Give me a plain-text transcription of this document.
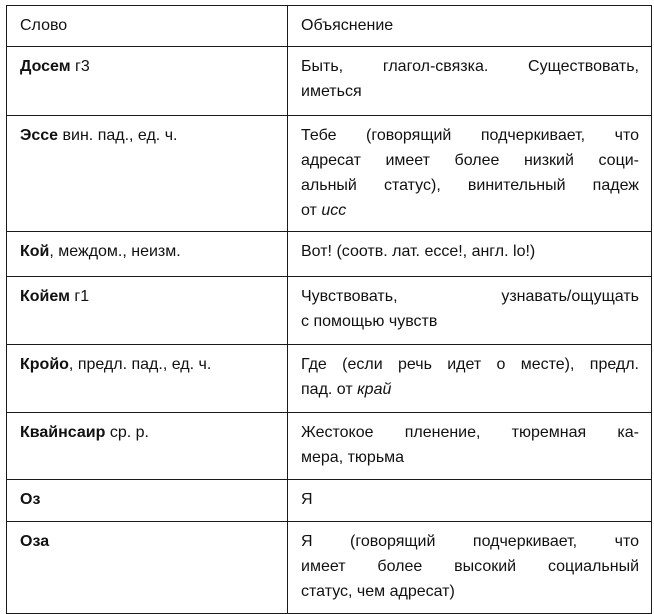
Слово	Объяснение
Досем г3	Быть, глагол-связка. Существовать,
иметься

Эссе вин. пад., ед. ч.	Тебе (говорящий подчеркивает, что
адресат имеет более низкий соци-
альный статус), винительный падеж
от исс

Кой, междом., неизм.	Вот! (соотв. лат. ecce!, англ. lo!)

Койем г1	Чувствовать, узнавать/ощущать
с помощью чувств

Кройо, предл. пад., ед. ч.	Где (если речь идет о месте), предл.
пад. от край

Квайнсаир ср. р.	Жестокое пленение, тюремная ка-
мера, тюрьма

Оз	Я

Оза	Я (говорящий подчеркивает, что
имеет более высокий социальный
статус, чем адресат)
